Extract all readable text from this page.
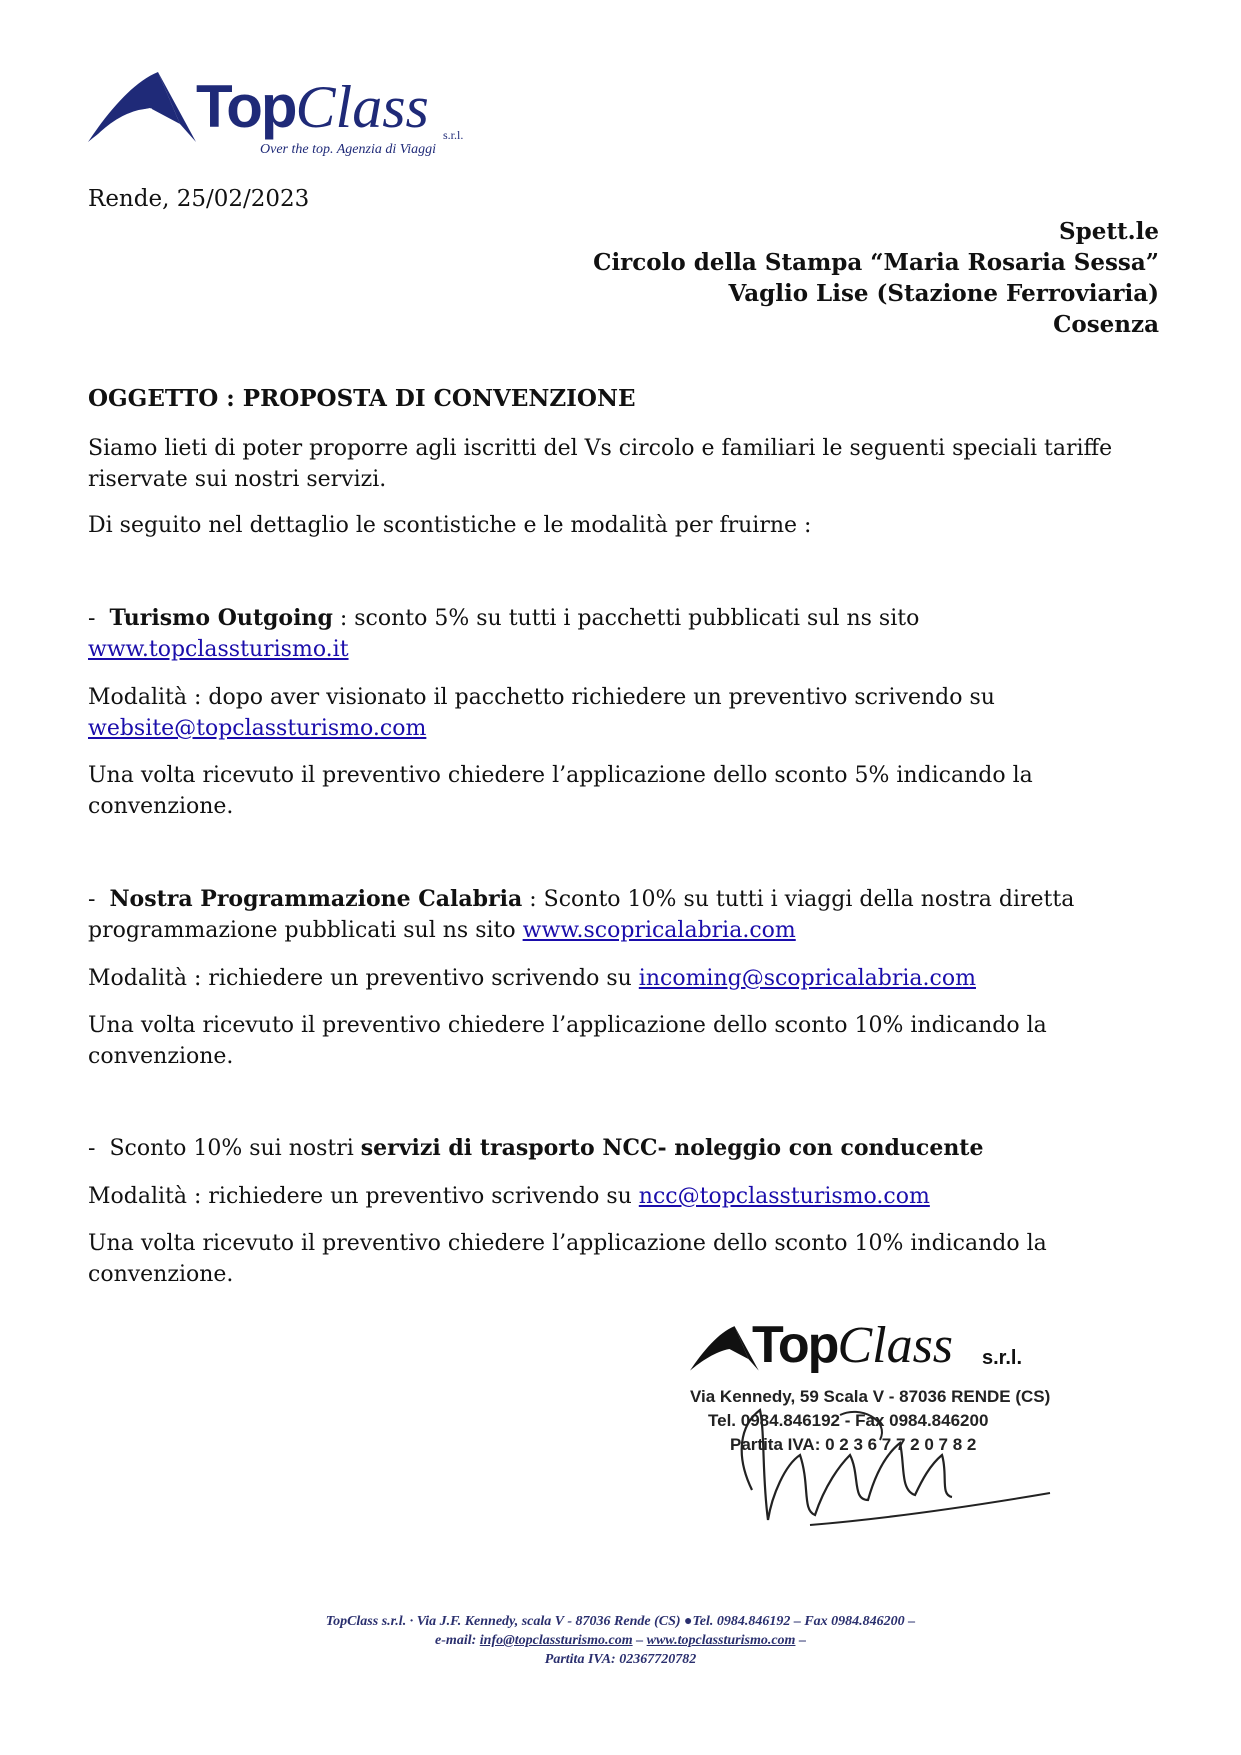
TopClass s.r.l.
Over the top. Agenzia di Viaggi
Rende, 25/02/2023
Spett.le
Circolo della Stampa “Maria Rosaria Sessa”
Vaglio Lise (Stazione Ferroviaria)
Cosenza
OGGETTO : PROPOSTA DI CONVENZIONE
Siamo lieti di poter proporre agli iscritti del Vs circolo e familiari le seguenti speciali tariffe riservate sui nostri servizi.
Di seguito nel dettaglio le scontistiche e le modalità per fruirne :
- Turismo Outgoing : sconto 5% su tutti i pacchetti pubblicati sul ns sito www.topclassturismo.it
Modalità : dopo aver visionato il pacchetto richiedere un preventivo scrivendo su website@topclassturismo.com
Una volta ricevuto il preventivo chiedere l’applicazione dello sconto 5% indicando la convenzione.
- Nostra Programmazione Calabria : Sconto 10% su tutti i viaggi della nostra diretta programmazione pubblicati sul ns sito www.scopricalabria.com
Modalità : richiedere un preventivo scrivendo su incoming@scopricalabria.com
Una volta ricevuto il preventivo chiedere l’applicazione dello sconto 10% indicando la convenzione.
- Sconto 10% sui nostri servizi di trasporto NCC- noleggio con conducente
Modalità : richiedere un preventivo scrivendo su ncc@topclassturismo.com
Una volta ricevuto il preventivo chiedere l’applicazione dello sconto 10% indicando la convenzione.
TopClass s.r.l.
Via Kennedy, 59 Scala V - 87036 RENDE (CS)
Tel. 0984.846192 - Fax 0984.846200
Partita IVA: 0 2 3 6 7 7 2 0 7 8 2
TopClass s.r.l. · Via J.F. Kennedy, scala V - 87036 Rende (CS) ●Tel. 0984.846192 – Fax 0984.846200 –
e-mail: info@topclassturismo.com – www.topclassturismo.com –
Partita IVA: 02367720782
